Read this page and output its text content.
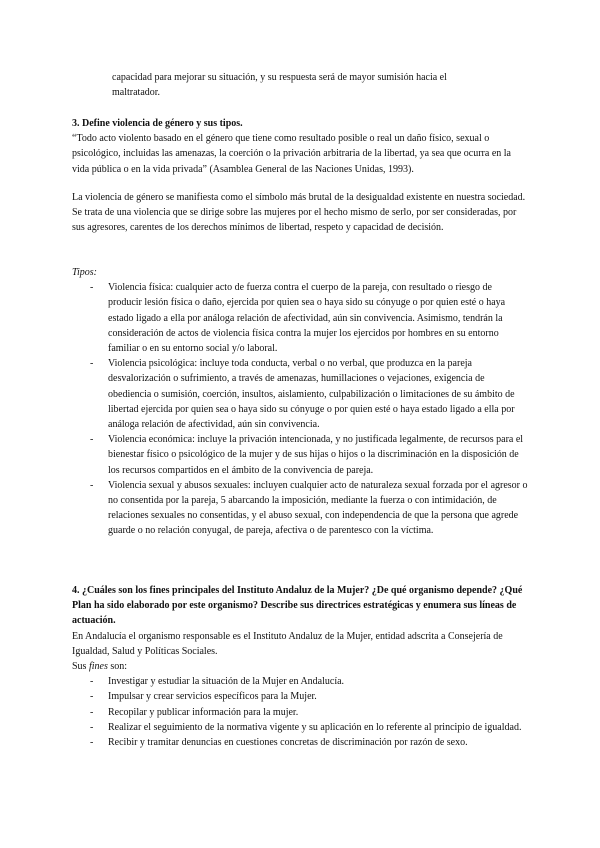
capacidad para mejorar su situación, y su respuesta será de mayor sumisión hacia el

maltratador.

3. Define violencia de género y sus tipos.

“Todo acto violento basado en el género que tiene como resultado posible o real un daño físico, sexual o psicológico, incluidas las amenazas, la coerción o la privación arbitraria de la libertad, ya sea que ocurra en la vida pública o en la vida privada” (Asamblea General de las Naciones Unidas, 1993).

La violencia de género se manifiesta como el símbolo más brutal de la desigualdad existente en nuestra sociedad. Se trata de una violencia que se dirige sobre las mujeres por el hecho mismo de serlo, por ser consideradas, por sus agresores, carentes de los derechos mínimos de libertad, respeto y capacidad de decisión.

Tipos:

- Violencia física: cualquier acto de fuerza contra el cuerpo de la pareja, con resultado o riesgo de producir lesión física o daño, ejercida por quien sea o haya sido su cónyuge o por quien esté o haya estado ligado a ella por análoga relación de afectividad, aún sin convivencia. Asimismo, tendrán la consideración de actos de violencia física contra la mujer los ejercidos por hombres en su entorno familiar o en su entorno social y/o laboral.
- Violencia psicológica: incluye toda conducta, verbal o no verbal, que produzca en la pareja desvalorización o sufrimiento, a través de amenazas, humillaciones o vejaciones, exigencia de obediencia o sumisión, coerción, insultos, aislamiento, culpabilización o limitaciones de su ámbito de libertad ejercida por quien sea o haya sido su cónyuge o por quien esté o haya estado ligado a ella por análoga relación de afectividad, aún sin convivencia.
- Violencia económica: incluye la privación intencionada, y no justificada legalmente, de recursos para el bienestar físico o psicológico de la mujer y de sus hijas o hijos o la discriminación en la disposición de los recursos compartidos en el ámbito de la convivencia de pareja.
- Violencia sexual y abusos sexuales: incluyen cualquier acto de naturaleza sexual forzada por el agresor o no consentida por la pareja, 5 abarcando la imposición, mediante la fuerza o con intimidación, de relaciones sexuales no consentidas, y el abuso sexual, con independencia de que la persona que agrede guarde o no relación conyugal, de pareja, afectiva o de parentesco con la víctima.

4. ¿Cuáles son los fines principales del Instituto Andaluz de la Mujer? ¿De qué organismo depende? ¿Qué Plan ha sido elaborado por este organismo? Describe sus directrices estratégicas y enumera sus líneas de actuación.

En Andalucía el organismo responsable es el Instituto Andaluz de la Mujer, entidad adscrita a Consejería de Igualdad, Salud y Políticas Sociales.

Sus fines son:

- Investigar y estudiar la situación de la Mujer en Andalucía.
- Impulsar y crear servicios específicos para la Mujer.
- Recopilar y publicar información para la mujer.
- Realizar el seguimiento de la normativa vigente y su aplicación en lo referente al principio de igualdad.
- Recibir y tramitar denuncias en cuestiones concretas de discriminación por razón de sexo.
